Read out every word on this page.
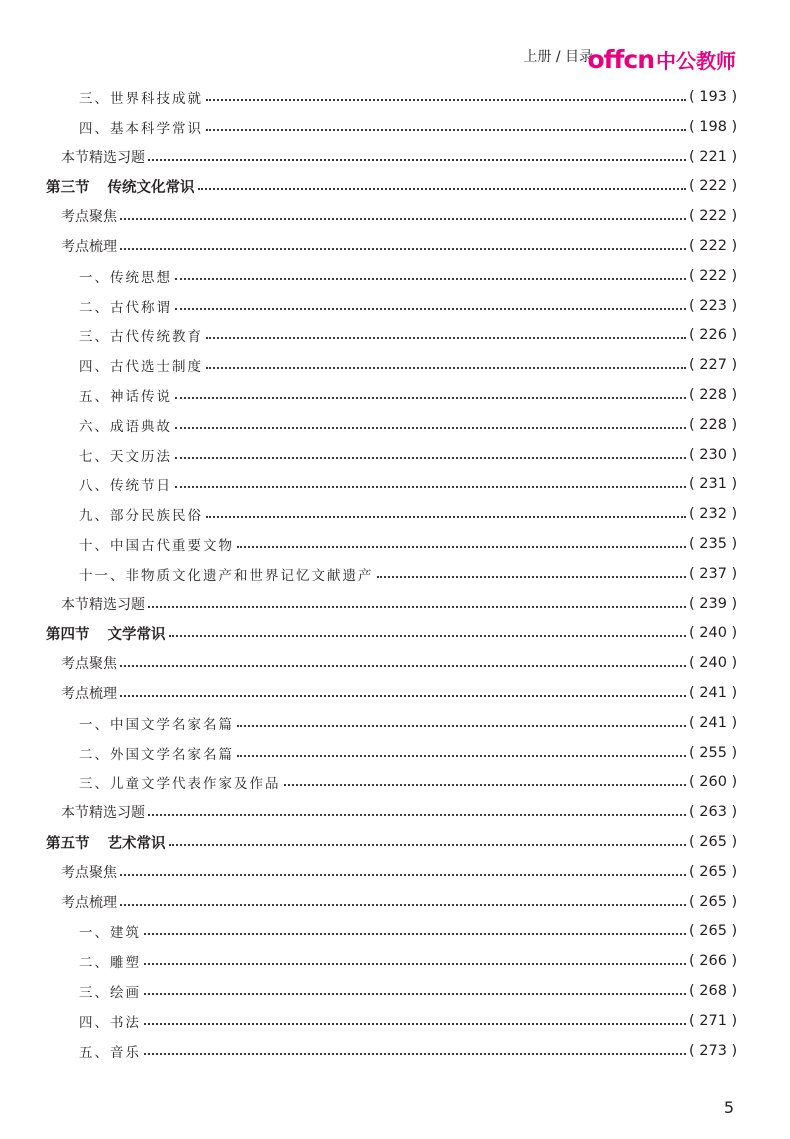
上册 / 目录
offcn 中公教师
三、世界科技成就	( 193 )
四、基本科学常识	( 198 )
本节精选习题	( 221 )
第三节 传统文化常识	( 222 )
考点聚焦	( 222 )
考点梳理	( 222 )
一、传统思想	( 222 )
二、古代称谓	( 223 )
三、古代传统教育	( 226 )
四、古代选士制度	( 227 )
五、神话传说	( 228 )
六、成语典故	( 228 )
七、天文历法	( 230 )
八、传统节日	( 231 )
九、部分民族民俗	( 232 )
十、中国古代重要文物	( 235 )
十一、非物质文化遗产和世界记忆文献遗产	( 237 )
本节精选习题	( 239 )
第四节 文学常识	( 240 )
考点聚焦	( 240 )
考点梳理	( 241 )
一、中国文学名家名篇	( 241 )
二、外国文学名家名篇	( 255 )
三、儿童文学代表作家及作品	( 260 )
本节精选习题	( 263 )
第五节 艺术常识	( 265 )
考点聚焦	( 265 )
考点梳理	( 265 )
一、建筑	( 265 )
二、雕塑	( 266 )
三、绘画	( 268 )
四、书法	( 271 )
五、音乐	( 273 )
5
